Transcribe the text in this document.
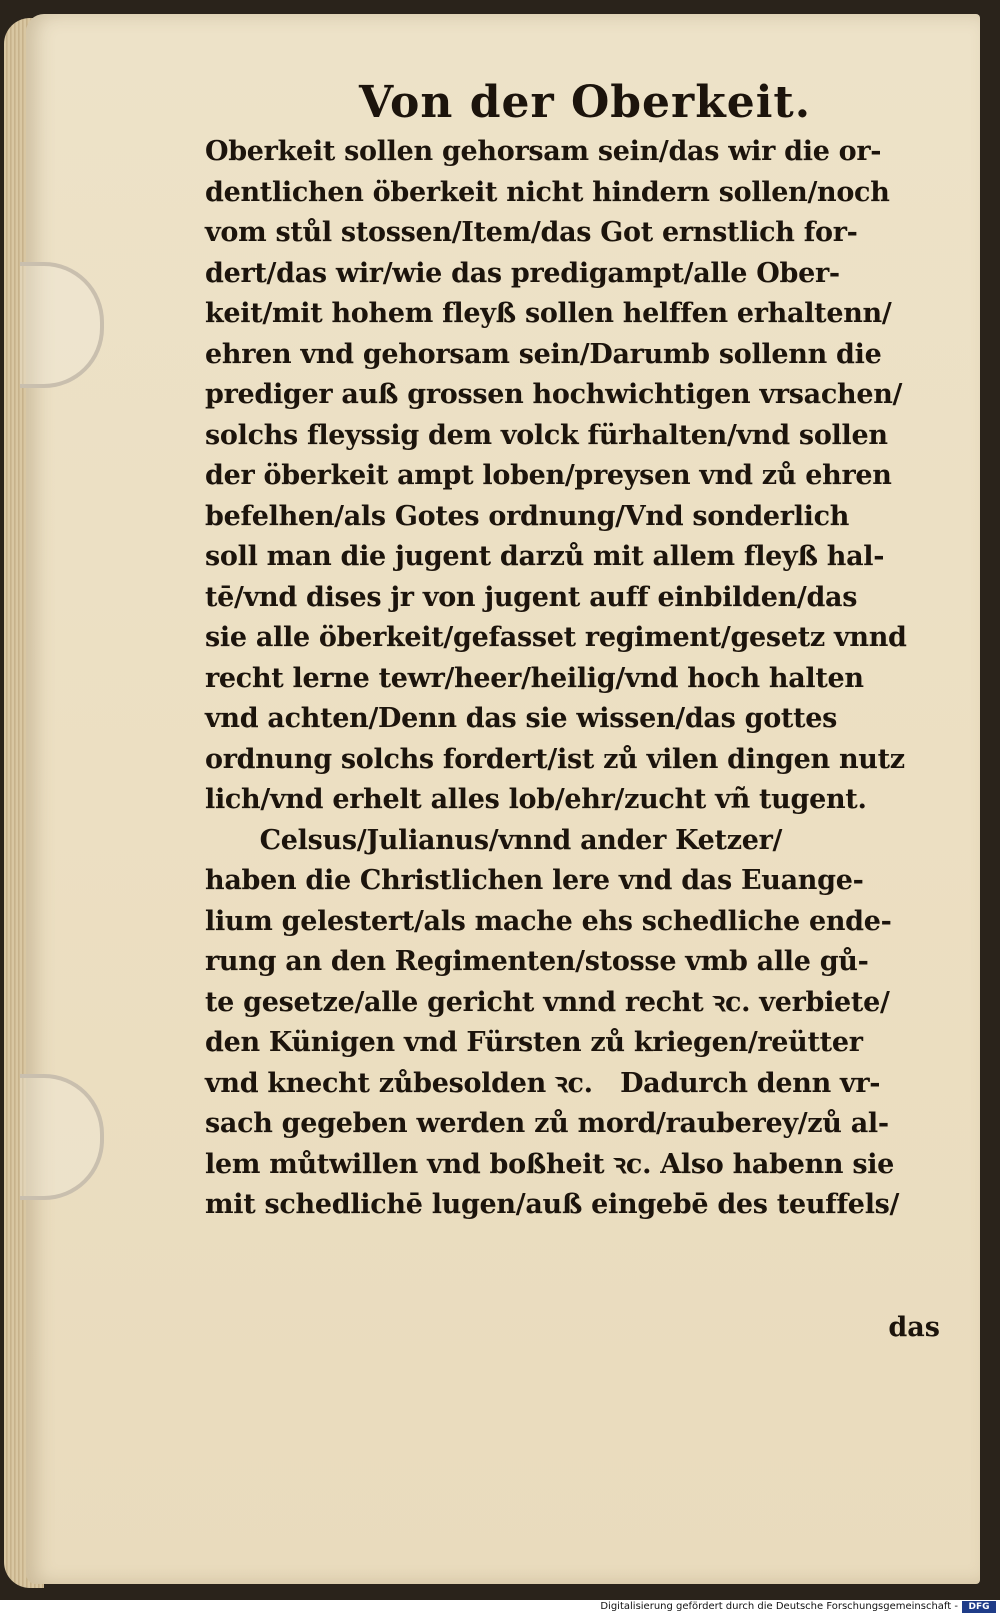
Von der Oberkeit.
Oberkeit sollen gehorsam sein/das wir die or-
dentlichen öberkeit nicht hindern sollen/noch
vom stůl stossen/Item/das Got ernstlich for-
dert/das wir/wie das predigampt/alle Ober-
keit/mit hohem fleyß sollen helffen erhaltenn/
ehren vnd gehorsam sein/Darumb sollenn die
prediger auß grossen hochwichtigen vrsachen/
solchs fleyssig dem volck fürhalten/vnd sollen
der öberkeit ampt loben/preysen vnd zů ehren
befelhen/als Gotes ordnung/Vnd sonderlich
soll man die jugent darzů mit allem fleyß hal-
tē/vnd dises jr von jugent auff einbilden/das
sie alle öberkeit/gefasset regiment/gesetz vnnd
recht lerne tewr/heer/heilig/vnd hoch halten
vnd achten/Denn das sie wissen/das gottes
ordnung solchs fordert/ist zů vilen dingen nutz
lich/vnd erhelt alles lob/ehr/zucht vñ tugent.
Celsus/Julianus/vnnd ander Ketzer/
haben die Christlichen lere vnd das Euange-
lium gelestert/als mache ehs schedliche ende-
rung an den Regimenten/stosse vmb alle gů-
te gesetze/alle gericht vnnd recht ꝛc. verbiete/
den Künigen vnd Fürsten zů kriegen/reütter
vnd knecht zůbesolden ꝛc.   Dadurch denn vr-
sach gegeben werden zů mord/rauberey/zů al-
lem můtwillen vnd boßheit ꝛc. Also habenn sie
mit schedlichē lugen/auß eingebē des teuffels/
das
Digitalisierung gefördert durch die Deutsche Forschungsgemeinschaft -	DFG
